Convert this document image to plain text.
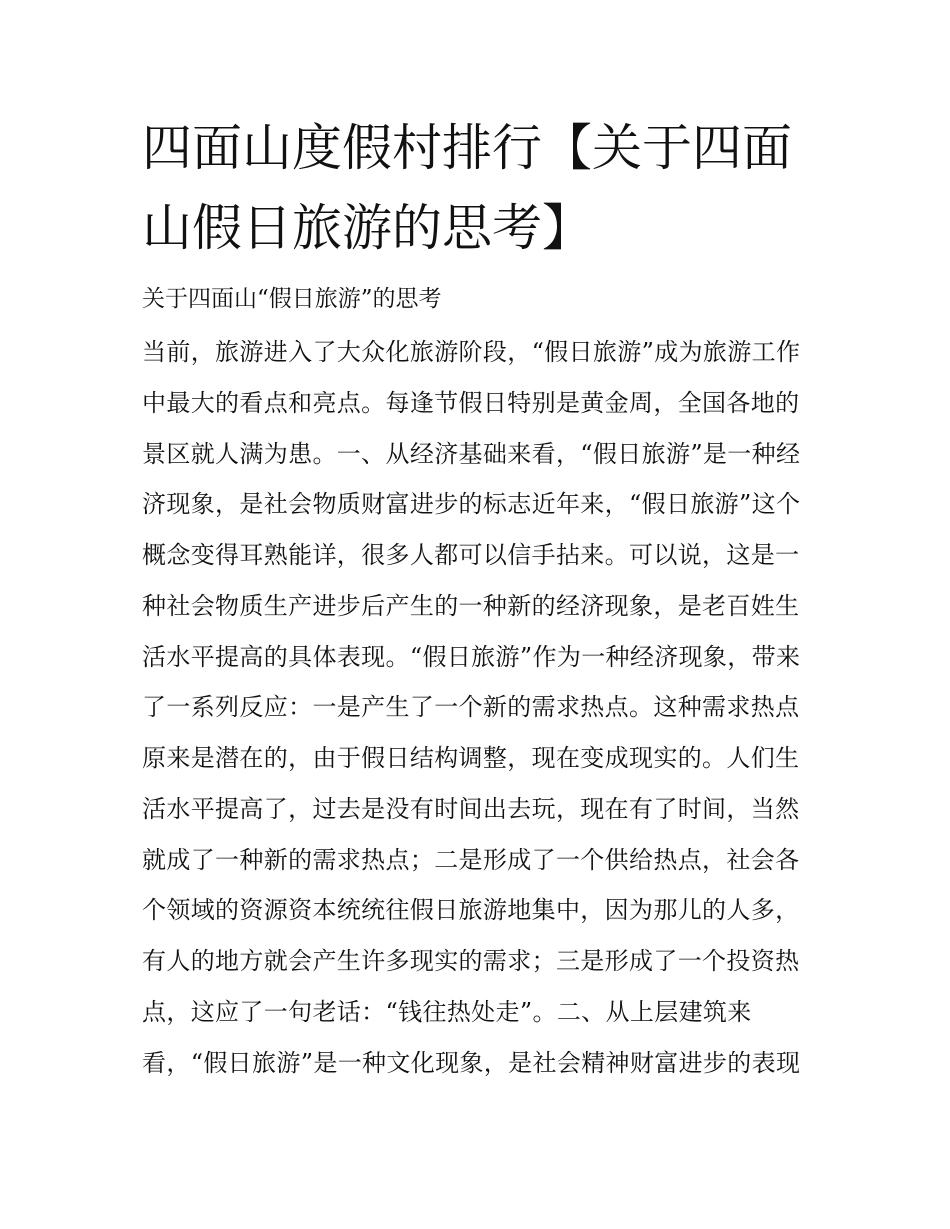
四面山度假村排行【关于四面
山假日旅游的思考】
关于四面山“假日旅游”的思考
当前，旅游进入了大众化旅游阶段，“假日旅游”成为旅游工作
中最大的看点和亮点。每逢节假日特别是黄金周，全国各地的
景区就人满为患。一、从经济基础来看，“假日旅游”是一种经
济现象，是社会物质财富进步的标志近年来，“假日旅游”这个
概念变得耳熟能详，很多人都可以信手拈来。可以说，这是一
种社会物质生产进步后产生的一种新的经济现象，是老百姓生
活水平提高的具体表现。“假日旅游”作为一种经济现象，带来
了一系列反应：一是产生了一个新的需求热点。这种需求热点
原来是潜在的，由于假日结构调整，现在变成现实的。人们生
活水平提高了，过去是没有时间出去玩，现在有了时间，当然
就成了一种新的需求热点；二是形成了一个供给热点，社会各
个领域的资源资本统统往假日旅游地集中，因为那儿的人多，
有人的地方就会产生许多现实的需求；三是形成了一个投资热
点，这应了一句老话：“钱往热处走”。二、从上层建筑来
看，“假日旅游”是一种文化现象，是社会精神财富进步的表现
